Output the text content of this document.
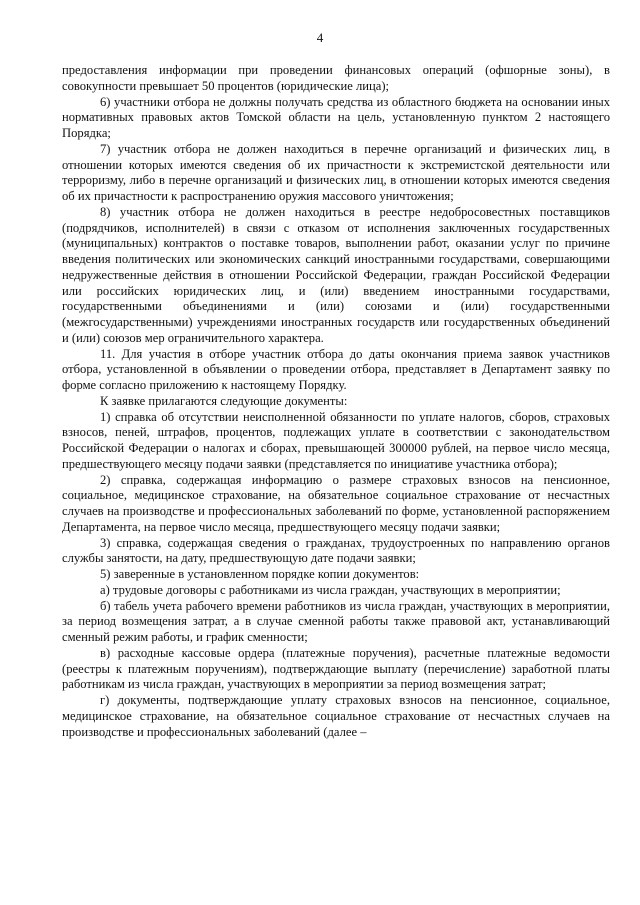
4

предоставления информации при проведении финансовых операций (офшорные зоны), в совокупности превышает 50 процентов (юридические лица);

6) участники отбора не должны получать средства из областного бюджета на основании иных нормативных правовых актов Томской области на цель, установленную пунктом 2 настоящего Порядка;

7) участник отбора не должен находиться в перечне организаций и физических лиц, в отношении которых имеются сведения об их причастности к экстремистской деятельности или терроризму, либо в перечне организаций и физических лиц, в отношении которых имеются сведения об их причастности к распространению оружия массового уничтожения;

8) участник отбора не должен находиться в реестре недобросовестных поставщиков (подрядчиков, исполнителей) в связи с отказом от исполнения заключенных государственных (муниципальных) контрактов о поставке товаров, выполнении работ, оказании услуг по причине введения политических или экономических санкций иностранными государствами, совершающими недружественные действия в отношении Российской Федерации, граждан Российской Федерации или российских юридических лиц, и (или) введением иностранными государствами, государственными объединениями и (или) союзами и (или) государственными (межгосударственными) учреждениями иностранных государств или государственных объединений и (или) союзов мер ограничительного характера.

11. Для участия в отборе участник отбора до даты окончания приема заявок участников отбора, установленной в объявлении о проведении отбора, представляет в Департамент заявку по форме согласно приложению к настоящему Порядку.

К заявке прилагаются следующие документы:

1) справка об отсутствии неисполненной обязанности по уплате налогов, сборов, страховых взносов, пеней, штрафов, процентов, подлежащих уплате в соответствии с законодательством Российской Федерации о налогах и сборах, превышающей 300000 рублей, на первое число месяца, предшествующего месяцу подачи заявки (представляется по инициативе участника отбора);

2) справка, содержащая информацию о размере страховых взносов на пенсионное, социальное, медицинское страхование, на обязательное социальное страхование от несчастных случаев на производстве и профессиональных заболеваний по форме, установленной распоряжением Департамента, на первое число месяца, предшествующего месяцу подачи заявки;

3) справка, содержащая сведения о гражданах, трудоустроенных по направлению органов службы занятости, на дату, предшествующую дате подачи заявки;

5) заверенные в установленном порядке копии документов:

а) трудовые договоры с работниками из числа граждан, участвующих в мероприятии;

б) табель учета рабочего времени работников из числа граждан, участвующих в мероприятии, за период возмещения затрат, а в случае сменной работы также правовой акт, устанавливающий сменный режим работы, и график сменности;

в) расходные кассовые ордера (платежные поручения), расчетные платежные ведомости (реестры к платежным поручениям), подтверждающие выплату (перечисление) заработной платы работникам из числа граждан, участвующих в мероприятии за период возмещения затрат;

г) документы, подтверждающие уплату страховых взносов на пенсионное, социальное, медицинское страхование, на обязательное социальное страхование от несчастных случаев на производстве и профессиональных заболеваний (далее –
